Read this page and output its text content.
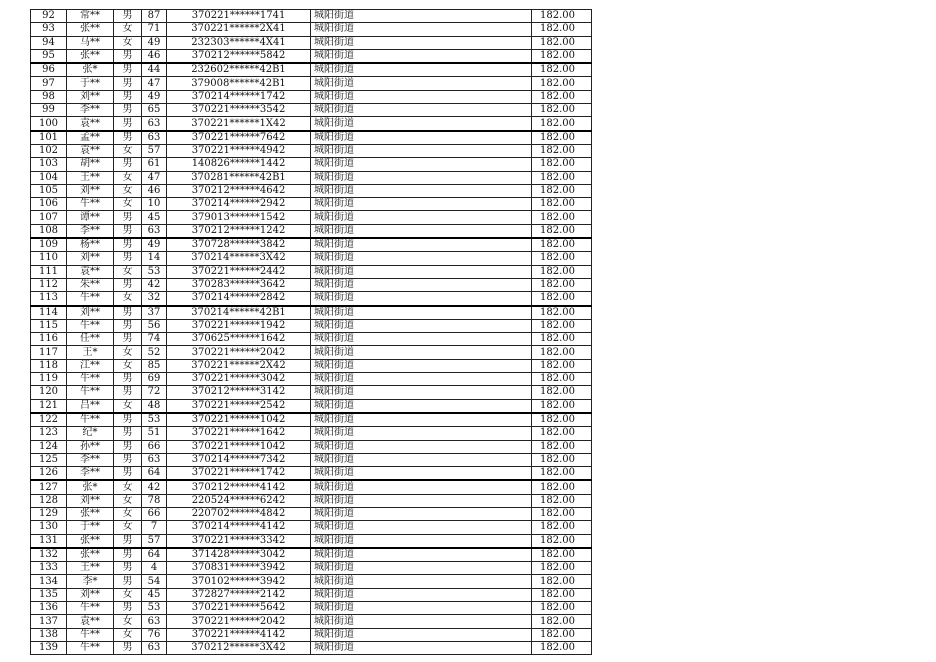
92	常**	男	87	370221******1741	城阳街道	182.00
93	张**	女	71	370221******2X41	城阳街道	182.00
94	马**	女	49	232303******4X41	城阳街道	182.00
95	张**	男	46	370212******5842	城阳街道	182.00
96	张*	男	44	232602******42B1	城阳街道	182.00
97	于**	男	47	379008******42B1	城阳街道	182.00
98	刘**	男	49	370214******1742	城阳街道	182.00
99	李**	男	65	370221******3542	城阳街道	182.00
100	袁**	男	63	370221******1X42	城阳街道	182.00
101	孟**	男	63	370221******7642	城阳街道	182.00
102	袁**	女	57	370221******4942	城阳街道	182.00
103	胡**	男	61	140826******1442	城阳街道	182.00
104	王**	女	47	370281******42B1	城阳街道	182.00
105	刘**	女	46	370212******4642	城阳街道	182.00
106	牛**	女	10	370214******2942	城阳街道	182.00
107	谭**	男	45	379013******1542	城阳街道	182.00
108	李**	男	63	370212******1242	城阳街道	182.00
109	杨**	男	49	370728******3842	城阳街道	182.00
110	刘**	男	14	370214******3X42	城阳街道	182.00
111	袁**	女	53	370221******2442	城阳街道	182.00
112	朱**	男	42	370283******3642	城阳街道	182.00
113	牛**	女	32	370214******2842	城阳街道	182.00
114	刘**	男	37	370214******42B1	城阳街道	182.00
115	牛**	男	56	370221******1942	城阳街道	182.00
116	任**	男	74	370625******1642	城阳街道	182.00
117	王*	女	52	370221******2042	城阳街道	182.00
118	江**	女	85	370221******2X42	城阳街道	182.00
119	牛**	男	69	370221******3042	城阳街道	182.00
120	牛**	男	72	370212******3142	城阳街道	182.00
121	吕**	女	48	370221******2542	城阳街道	182.00
122	牛**	男	53	370221******1042	城阳街道	182.00
123	纪*	男	51	370221******1642	城阳街道	182.00
124	孙**	男	66	370221******1042	城阳街道	182.00
125	李**	男	63	370214******7342	城阳街道	182.00
126	李**	男	64	370221******1742	城阳街道	182.00
127	张*	女	42	370212******4142	城阳街道	182.00
128	刘**	女	78	220524******6242	城阳街道	182.00
129	张**	女	66	220702******4842	城阳街道	182.00
130	于**	女	7	370214******4142	城阳街道	182.00
131	张**	男	57	370221******3342	城阳街道	182.00
132	张**	男	64	371428******3042	城阳街道	182.00
133	王**	男	4	370831******3942	城阳街道	182.00
134	李*	男	54	370102******3942	城阳街道	182.00
135	刘**	女	45	372827******2142	城阳街道	182.00
136	牛**	男	53	370221******5642	城阳街道	182.00
137	袁**	女	63	370221******2042	城阳街道	182.00
138	牛**	女	76	370221******4142	城阳街道	182.00
139	牛**	男	63	370212******3X42	城阳街道	182.00
